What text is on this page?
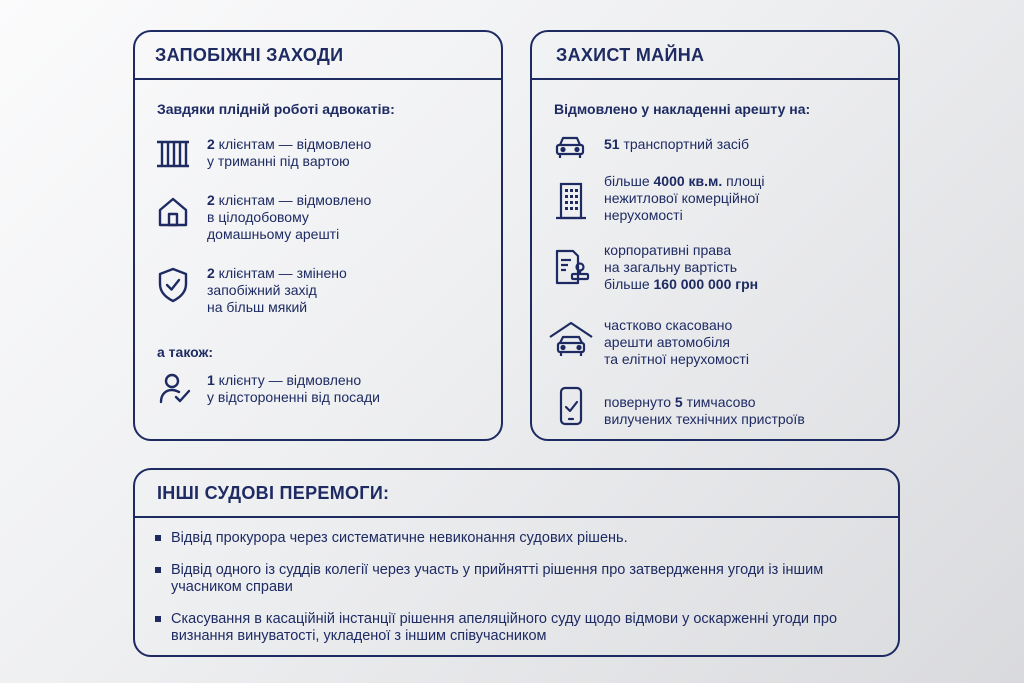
ЗАПОБІЖНІ ЗАХОДИ
Завдяки плідній роботі адвокатів:
2 клієнтам — відмовлено
у триманні під вартою
2 клієнтам — відмовлено
в цілодобовому
домашньому арешті
2 клієнтам — змінено
запобіжний захід
на більш мякий
а також:
1 клієнту — відмовлено
у відстороненні від посади
ЗАХИСТ МАЙНА
Відмовлено у накладенні арешту на:
51 транспортний засіб
більше 4000 кв.м. площі
нежитлової комерційної
нерухомості
корпоративні права
на загальну вартість
більше 160 000 000 грн
частково скасовано
арешти автомобіля
та елітної нерухомості
повернуто 5 тимчасово
вилучених технічних пристроїв
ІНШІ СУДОВІ ПЕРЕМОГИ:
Відвід прокурора через систематичне невиконання судових рішень.
Відвід одного із суддів колегії через участь у прийнятті рішення про затвердження угоди із іншим учасником справи
Скасування в касаційній інстанції рішення апеляційного суду щодо відмови у оскарженні угоди про визнання винуватості, укладеної з іншим співучасником
